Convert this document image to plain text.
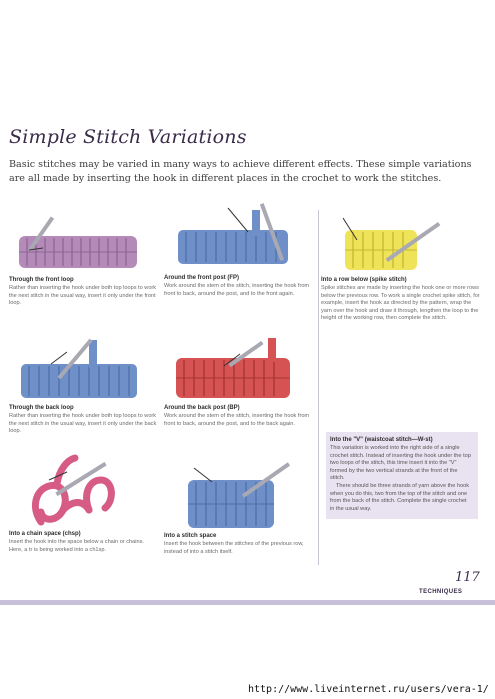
Simple Stitch Variations

Basic stitches may be varied in many ways to achieve different effects. These simple variations are all made by inserting the hook in different places in the crochet to work the stitches.

Through the front loop

Rather than inserting the hook under both top loops to work the next stitch in the usual way, insert it only under the front loop.

Around the front post (FP)

Work around the stem of the stitch, inserting the hook from front to back, around the post, and to the front again.

Into a row below (spike stitch)

Spike stitches are made by inserting the hook one or more rows below the previous row. To work a single crochet spike stitch, for example, insert the hook as directed by the pattern, wrap the yarn over the hook and draw it through, lengthen the loop to the height of the working row, then complete the stitch.

Through the back loop

Rather than inserting the hook under both top loops to work the next stitch in the usual way, insert it only under the back loop.

Around the back post (BP)

Work around the stem of the stitch, inserting the hook from front to back, around the post, and to the back again.

Into a chain space (chsp)

Insert the hook into the space below a chain or chains. Here, a tr is being worked into a ch1sp.

Into a stitch space

Insert the hook between the stitches of the previous row, instead of into a stitch itself.

Into the "V" (waistcoat stitch—W-st)

This variation is worked into the right side of a single crochet stitch. Instead of inserting the hook under the top two loops of the stitch, this time insert it into the "V" formed by the two vertical strands at the front of the stitch.

There should be three strands of yarn above the hook when you do this, two from the top of the stitch and one from the back of the stitch. Complete the single crochet in the usual way.

117
TECHNIQUES
http://www.liveinternet.ru/users/vera-1/
